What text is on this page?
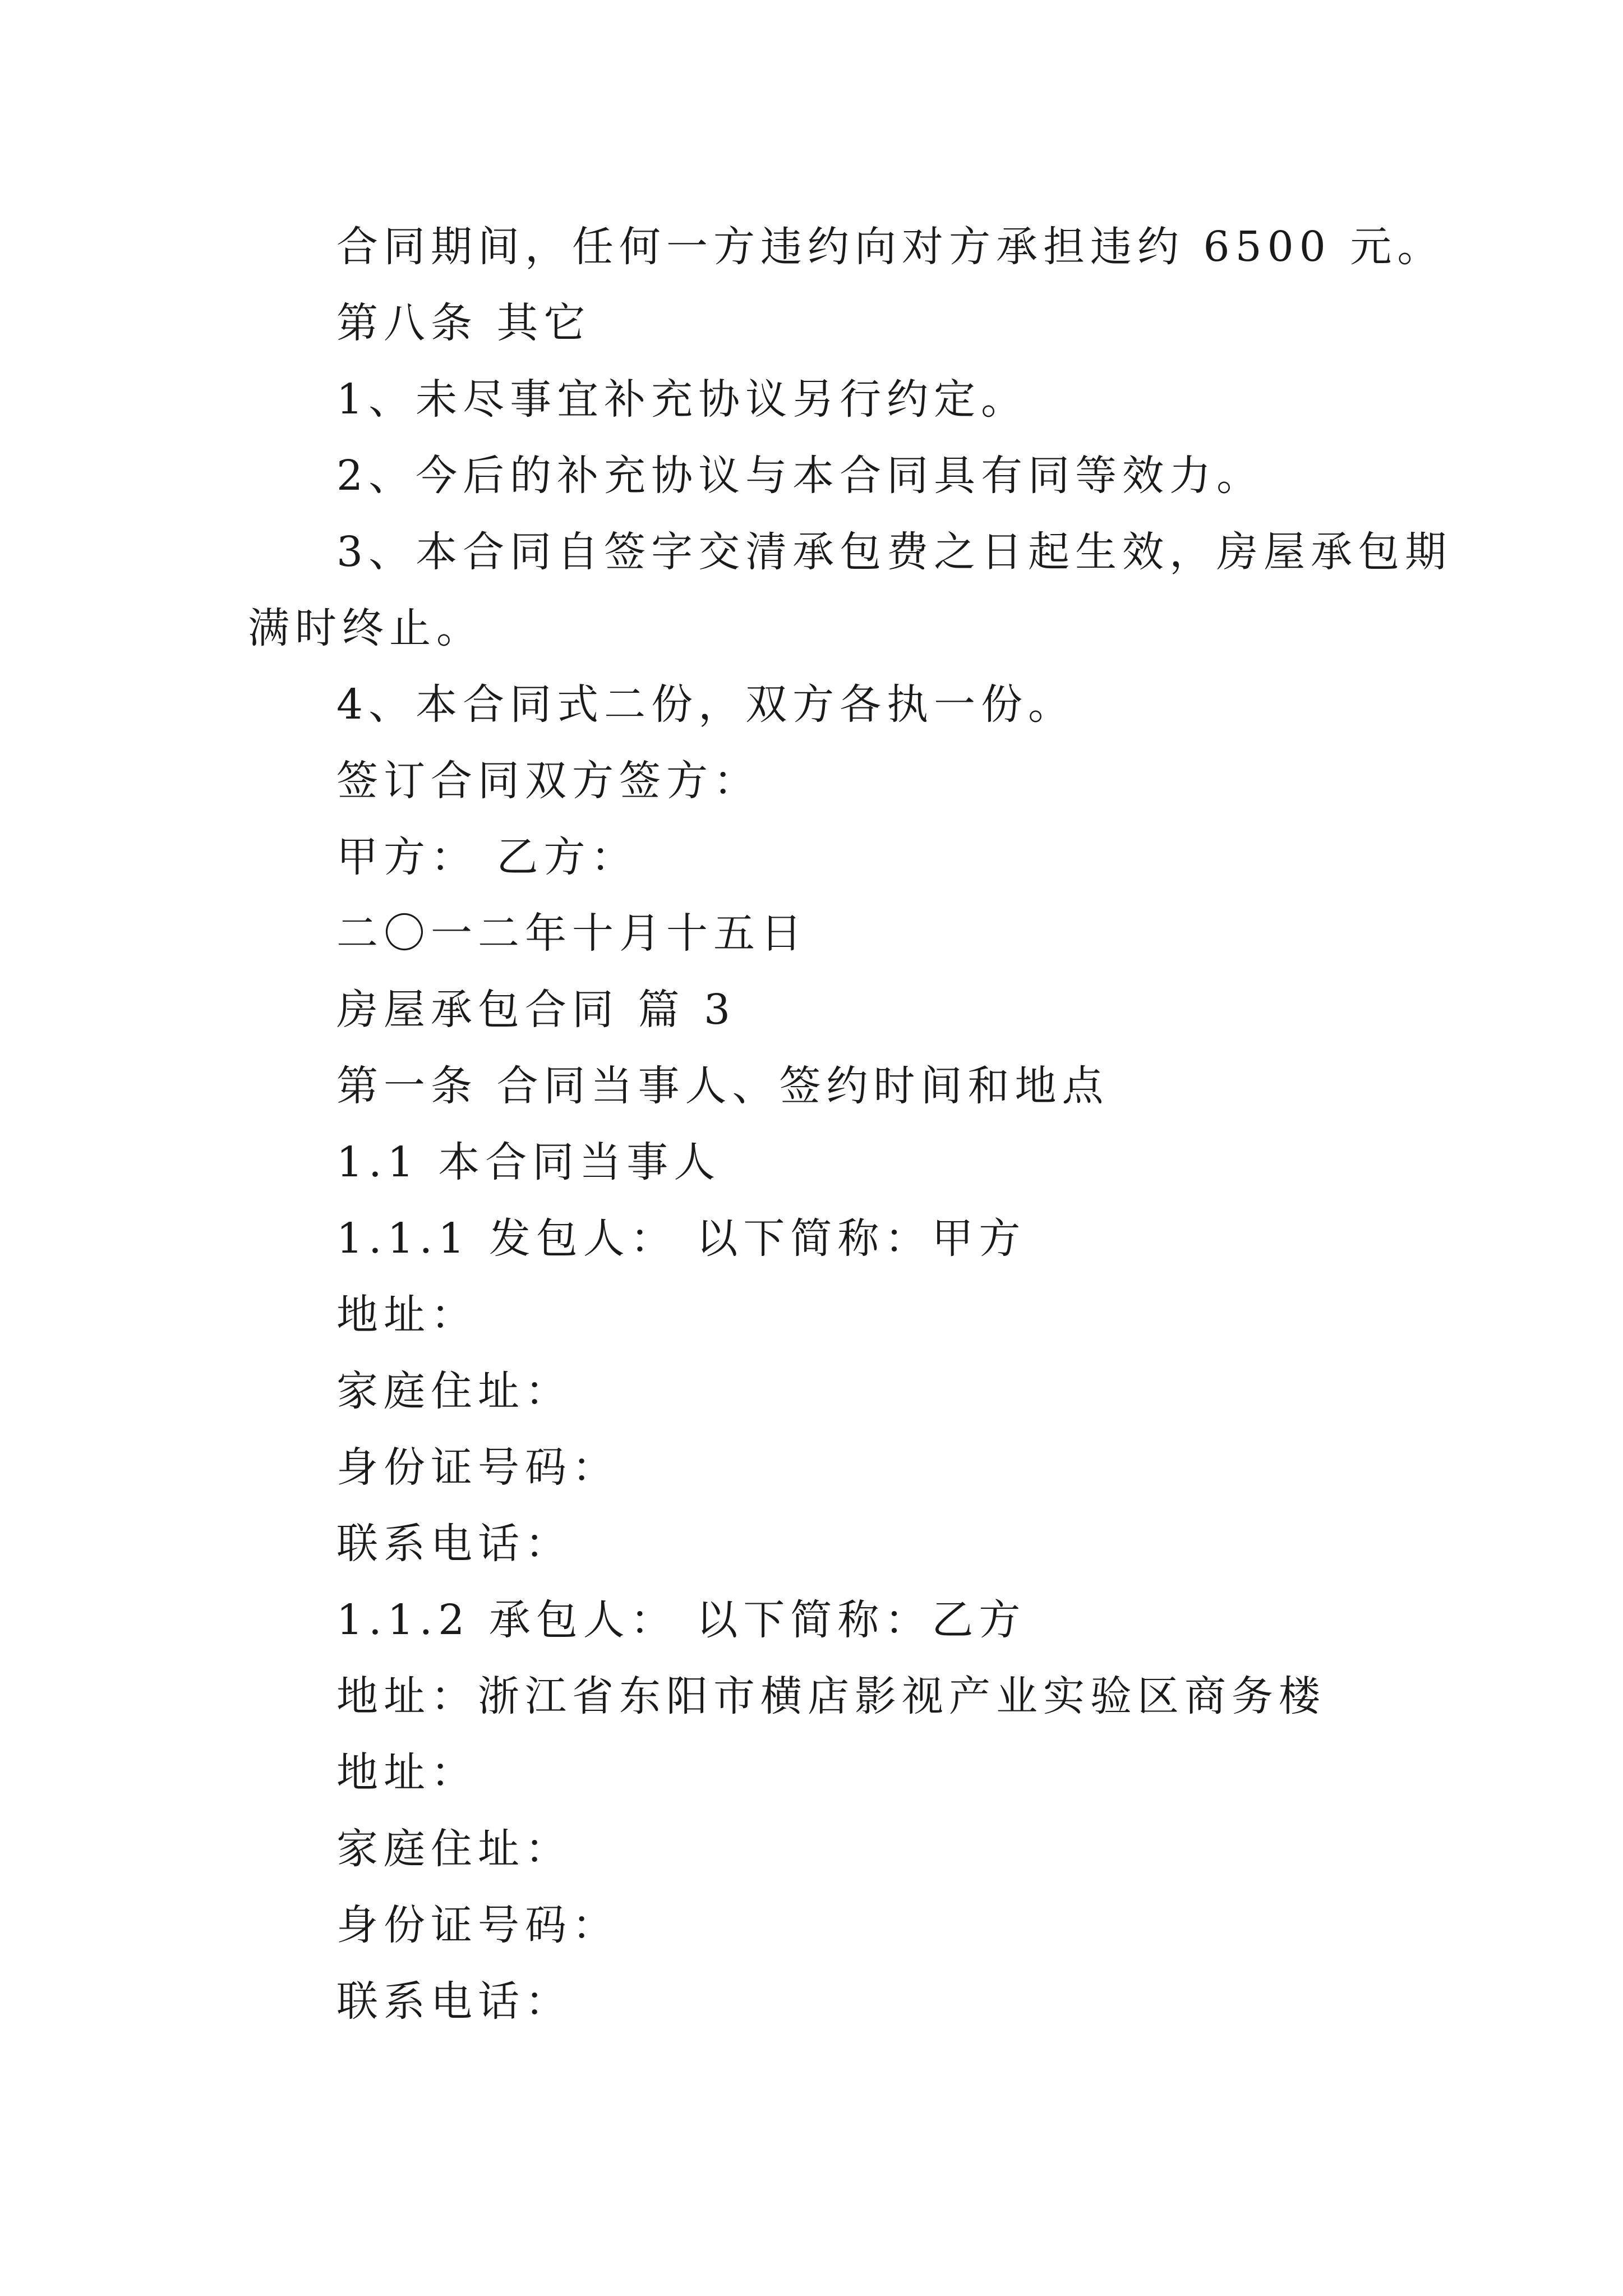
合同期间，任何一方违约向对方承担违约 6500 元。
第八条 其它
1、未尽事宜补充协议另行约定。
2、今后的补充协议与本合同具有同等效力。
3、本合同自签字交清承包费之日起生效，房屋承包期
满时终止。
4、本合同式二份，双方各执一份。
签订合同双方签方：
甲方： 乙方：
二〇一二年十月十五日
房屋承包合同 篇 3
第一条 合同当事人、签约时间和地点
1.1 本合同当事人
1.1.1 发包人： 以下简称：甲方
地址：
家庭住址：
身份证号码：
联系电话：
1.1.2 承包人： 以下简称：乙方
地址：浙江省东阳市横店影视产业实验区商务楼
地址：
家庭住址：
身份证号码：
联系电话：
